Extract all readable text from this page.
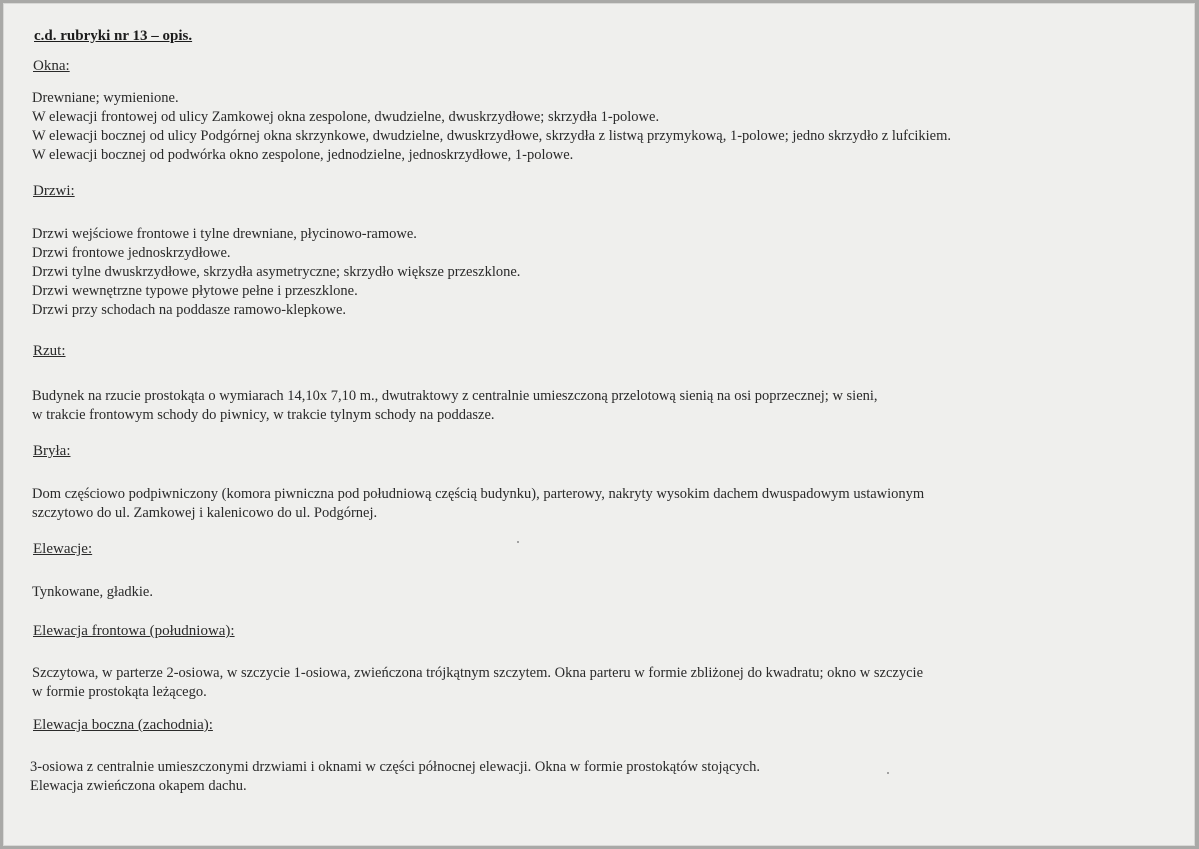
c.d. rubryki nr 13 – opis.
Okna:
Drewniane; wymienione.
W elewacji frontowej od ulicy Zamkowej okna zespolone, dwudzielne, dwuskrzydłowe; skrzydła 1-polowe.
W elewacji bocznej od ulicy Podgórnej okna skrzynkowe, dwudzielne, dwuskrzydłowe, skrzydła z listwą przymykową, 1-polowe; jedno skrzydło z lufcikiem.
W elewacji bocznej od podwórka okno zespolone, jednodzielne, jednoskrzydłowe, 1-polowe.
Drzwi:
Drzwi wejściowe frontowe i tylne drewniane, płycinowo-ramowe.
Drzwi frontowe jednoskrzydłowe.
Drzwi tylne dwuskrzydłowe, skrzydła asymetryczne; skrzydło większe przeszklone.
Drzwi wewnętrzne typowe płytowe pełne i przeszklone.
Drzwi przy schodach na poddasze ramowo-klepkowe.
Rzut:
Budynek na rzucie prostokąta o wymiarach 14,10x 7,10 m., dwutraktowy z centralnie umieszczoną przelotową sienią na osi poprzecznej; w sieni,
w trakcie frontowym schody do piwnicy, w trakcie tylnym schody na poddasze.
Bryła:
Dom częściowo podpiwniczony (komora piwniczna pod południową częścią budynku), parterowy, nakryty wysokim dachem dwuspadowym ustawionym
szczytowo do ul. Zamkowej i kalenicowo do ul. Podgórnej.
Elewacje:
Tynkowane, gładkie.
Elewacja frontowa (południowa):
Szczytowa, w parterze 2-osiowa, w szczycie 1-osiowa, zwieńczona trójkątnym szczytem. Okna parteru w formie zbliżonej do kwadratu; okno w szczycie
w formie prostokąta leżącego.
Elewacja boczna (zachodnia):
3-osiowa z centralnie umieszczonymi drzwiami i oknami w części północnej elewacji. Okna w formie prostokątów stojących.
Elewacja zwieńczona okapem dachu.
